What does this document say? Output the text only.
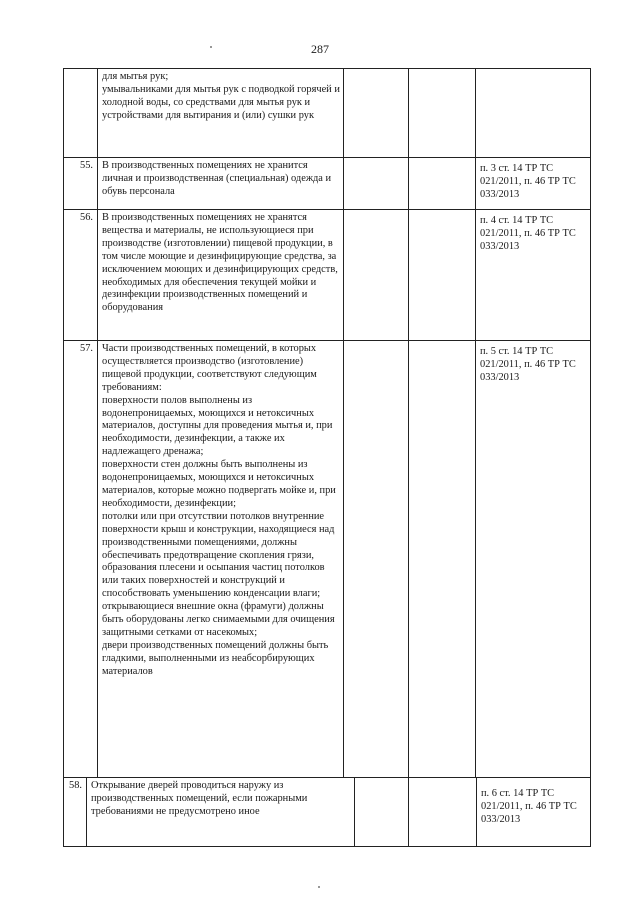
287
для мытья рук;
умывальниками для мытья рук с подводкой горячей и холодной воды, со средствами для мытья рук и устройствами для вытирания и (или) сушки рук
55. В производственных помещениях не хранится личная и производственная (специальная) одежда и обувь персонала
п. 3 ст. 14 ТР ТС
021/2011, п. 46 ТР ТС
033/2013
56. В производственных помещениях не хранятся вещества и материалы, не использующиеся при производстве (изготовлении) пищевой продукции, в том числе моющие и дезинфицирующие средства, за исключением моющих и дезинфицирующих средств, необходимых для обеспечения текущей мойки и дезинфекции производственных помещений и оборудования
п. 4 ст. 14 ТР ТС
021/2011, п. 46 ТР ТС
033/2013
57. Части производственных помещений, в которых осуществляется производство (изготовление) пищевой продукции, соответствуют следующим требованиям:
поверхности полов выполнены из водонепроницаемых, моющихся и нетоксичных материалов, доступны для проведения мытья и, при необходимости, дезинфекции, а также их надлежащего дренажа;
поверхности стен должны быть выполнены из водонепроницаемых, моющихся и нетоксичных материалов, которые можно подвергать мойке и, при необходимости, дезинфекции;
потолки или при отсутствии потолков внутренние поверхности крыш и конструкции, находящиеся над производственными помещениями, должны обеспечивать предотвращение скопления грязи, образования плесени и осыпания частиц потолков или таких поверхностей и конструкций и способствовать уменьшению конденсации влаги;
открывающиеся внешние окна (фрамуги) должны быть оборудованы легко снимаемыми для очищения защитными сетками от насекомых;
двери производственных помещений должны быть гладкими, выполненными из неабсорбирующих материалов
п. 5 ст. 14 ТР ТС
021/2011, п. 46 ТР ТС
033/2013
58. Открывание дверей проводиться наружу из производственных помещений, если пожарными требованиями не предусмотрено иное
п. 6 ст. 14 ТР ТС
021/2011, п. 46 ТР ТС
033/2013
